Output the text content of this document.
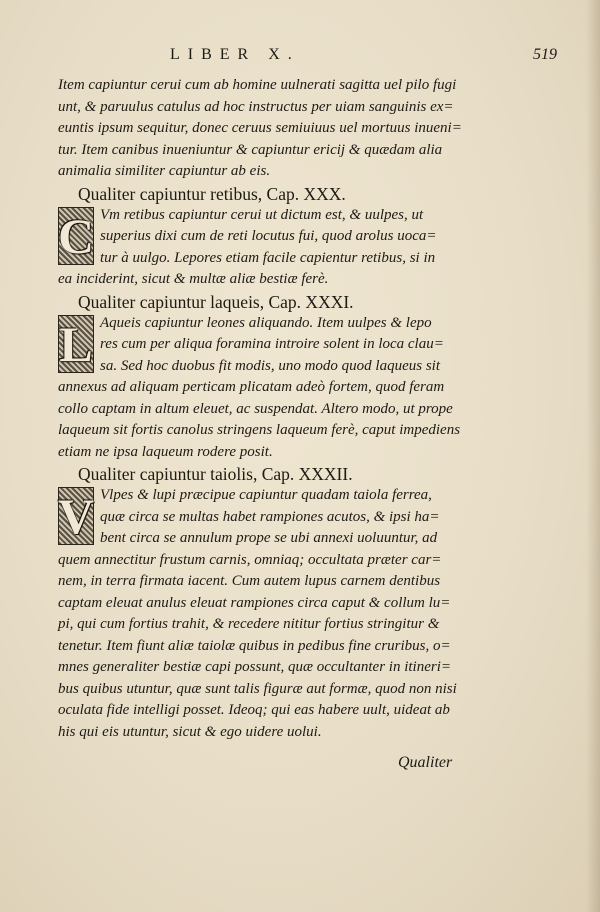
LIBER X.	519
Item capiuntur cerui cum ab homine uulnerati sagitta uel pilo fugi
unt, & paruulus catulus ad hoc instructus per uiam sanguinis ex=
euntis ipsum sequitur, donec ceruus semiuiuus uel mortuus inueni=
tur. Item canibus inueniuntur & capiuntur ericij & quædam alia
animalia similiter capiuntur ab eis.
Qualiter capiuntur retibus, Cap. XXX.
C Vm retibus capiuntur cerui ut dictum est, & uulpes, ut
superius dixi cum de reti locutus fui, quod arolus uoca=
tur à uulgo. Lepores etiam facile capientur retibus, si in
ea inciderint, sicut & multæ aliæ bestiæ ferè.
Qualiter capiuntur laqueis, Cap. XXXI.
L Aqueis capiuntur leones aliquando. Item uulpes & lepo
res cum per aliqua foramina introire solent in loca clau=
sa. Sed hoc duobus fit modis, uno modo quod laqueus sit
annexus ad aliquam perticam plicatam adeò fortem, quod feram
collo captam in altum eleuet, ac suspendat. Altero modo, ut prope
laqueum sit fortis canolus stringens laqueum ferè, caput impediens
etiam ne ipsa laqueum rodere posit.
Qualiter capiuntur taiolis, Cap. XXXII.
V Vlpes & lupi præcipue capiuntur quadam taiola ferrea,
quæ circa se multas habet rampiones acutos, & ipsi ha=
bent circa se annulum prope se ubi annexi uoluuntur, ad
quem annectitur frustum carnis, omniaq; occultata præter car=
nem, in terra firmata iacent. Cum autem lupus carnem dentibus
captam eleuat anulus eleuat rampiones circa caput & collum lu=
pi, qui cum fortius trahit, & recedere nititur fortius stringitur &
tenetur. Item fiunt aliæ taiolæ quibus in pedibus fine cruribus, o=
mnes generaliter bestiæ capi possunt, quæ occultanter in itineri=
bus quibus utuntur, quæ sunt talis figuræ aut formæ, quod non nisi
oculata fide intelligi posset. Ideoq; qui eas habere uult, uideat ab
his qui eis utuntur, sicut & ego uidere uolui.
Qualiter
